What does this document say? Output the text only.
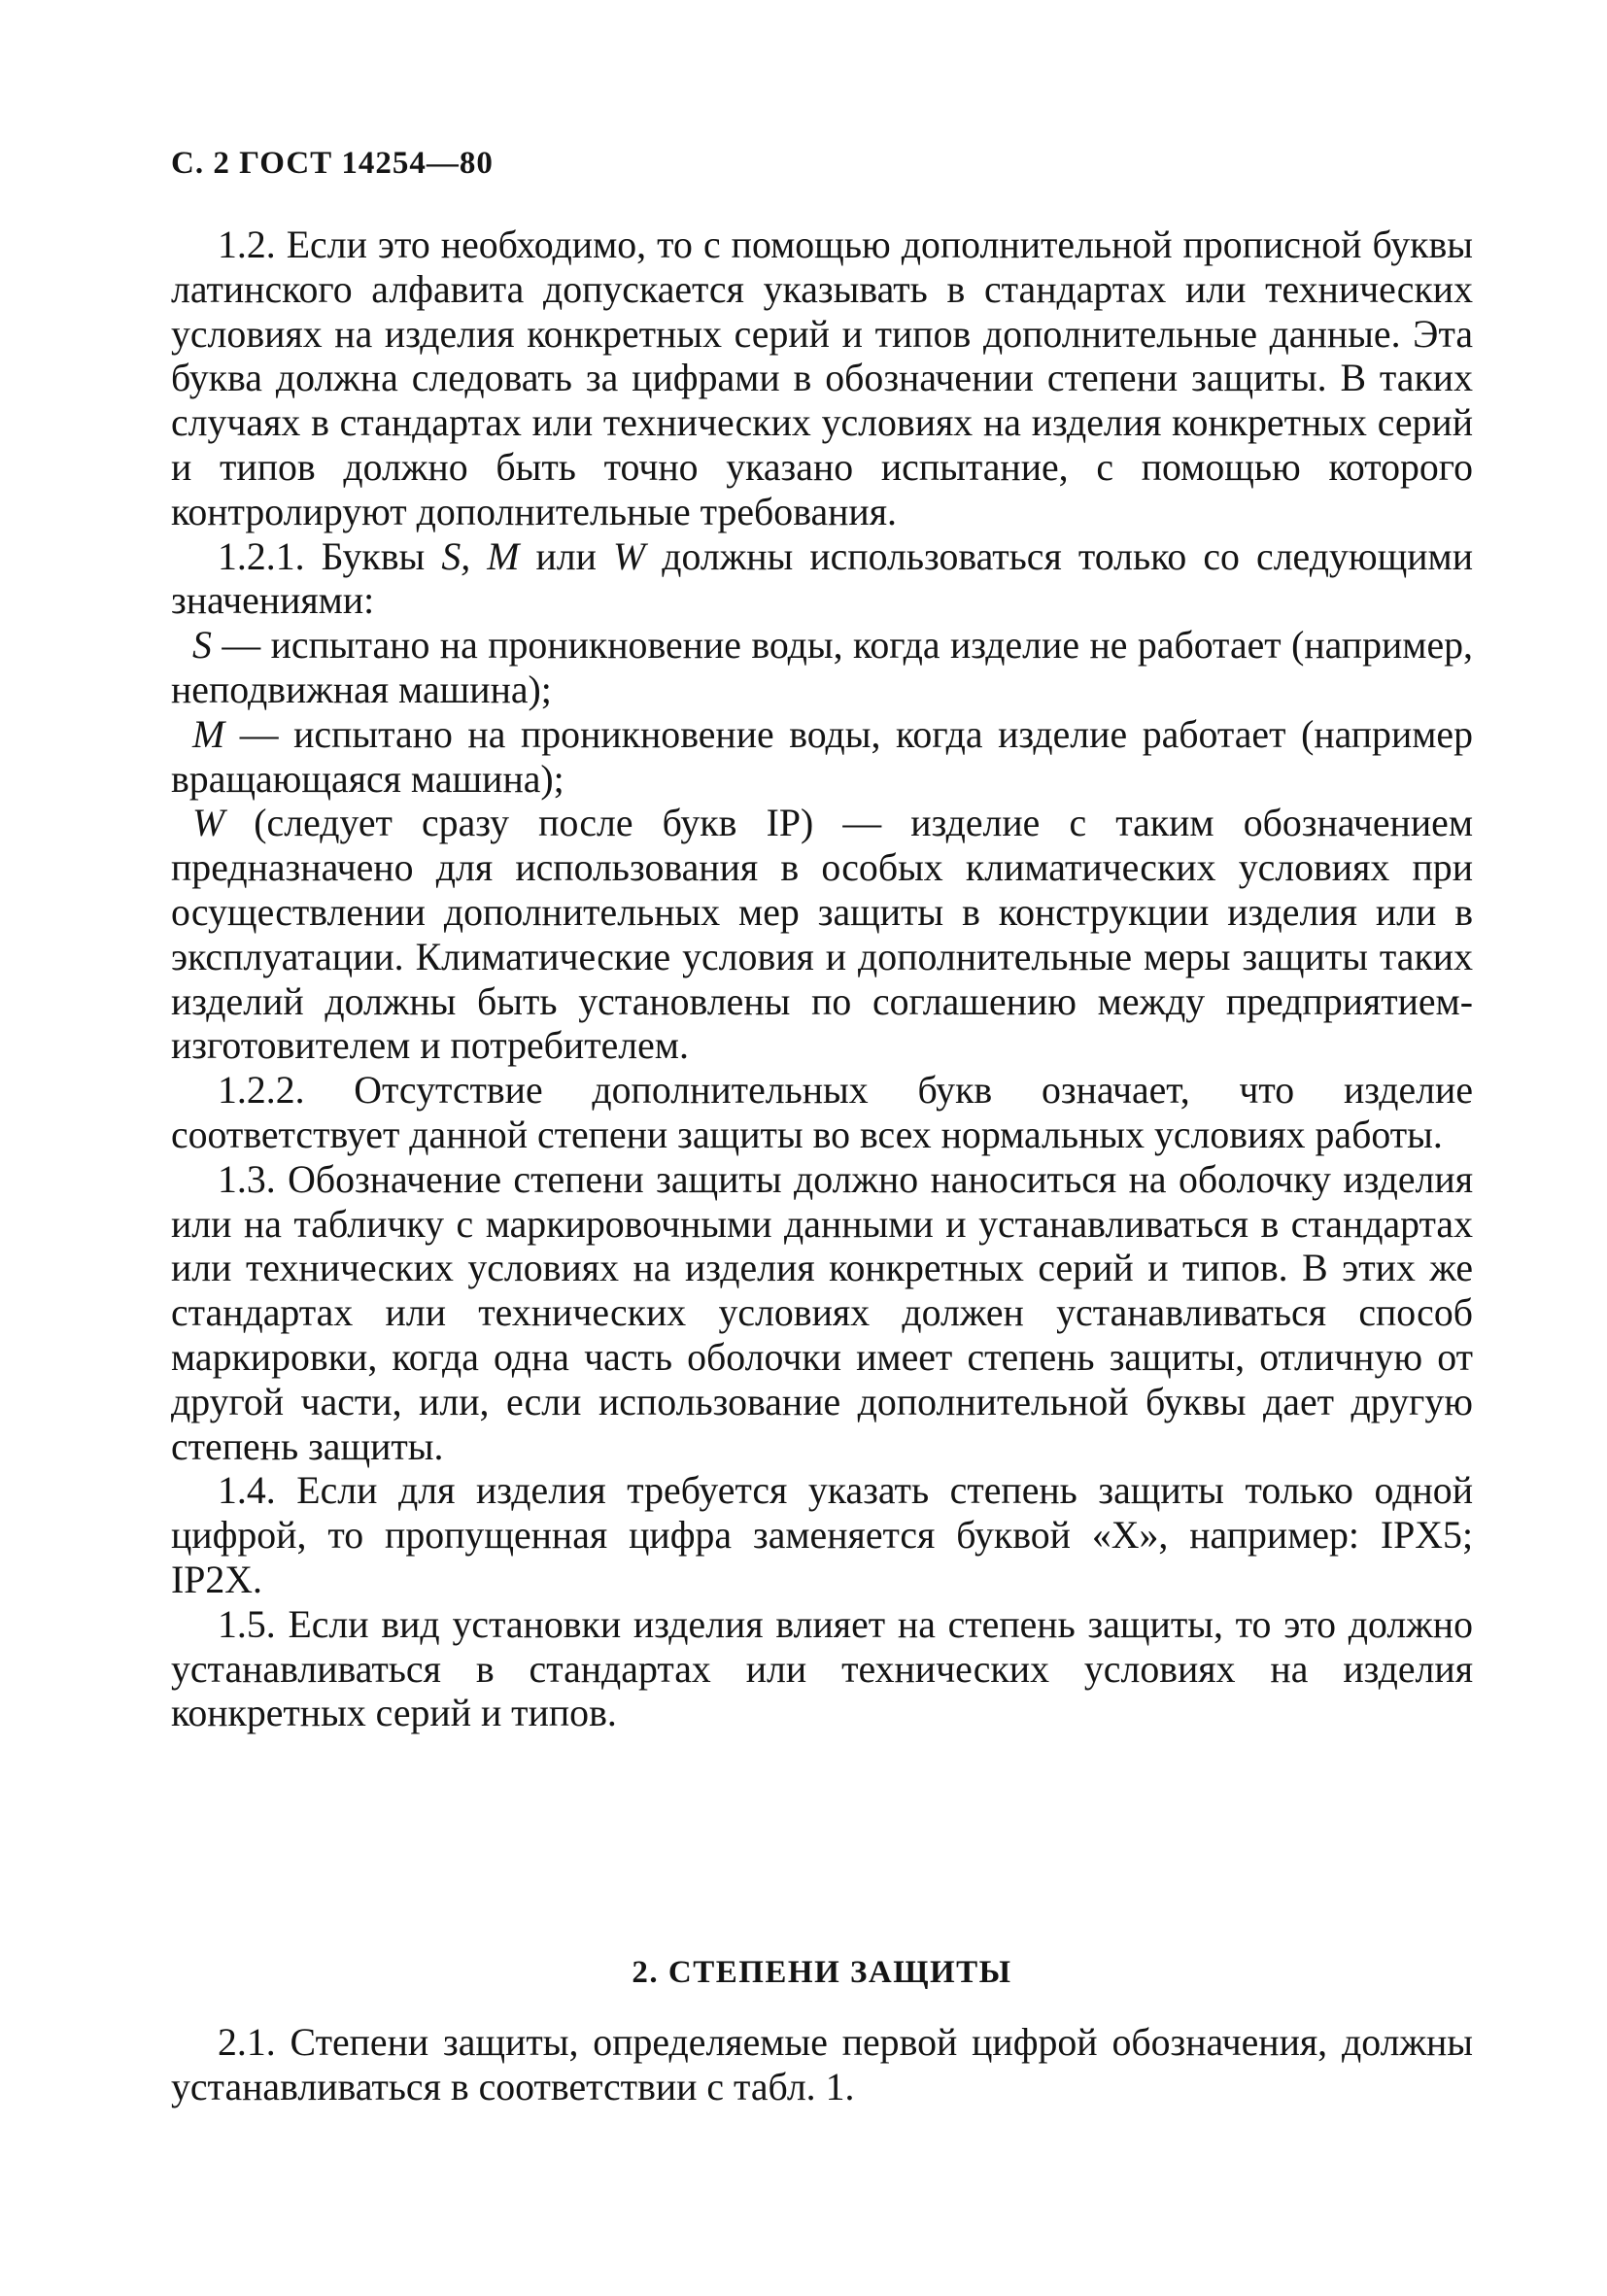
С. 2 ГОСТ 14254—80

1.2. Если это необходимо, то с помощью дополнительной прописной буквы латинского алфавита допускается указывать в стандартах или технических условиях на изделия конкретных серий и типов дополнительные данные. Эта буква должна следовать за цифрами в обозначении степени защиты. В таких случаях в стандартах или технических условиях на изделия конкретных серий и типов должно быть точно указано испытание, с помощью которого контролируют дополнительные требования.

1.2.1. Буквы S, M или W должны использоваться только со следующими значениями:

S — испытано на проникновение воды, когда изделие не работает (например, неподвижная машина);

M — испытано на проникновение воды, когда изделие работает (например вращающаяся машина);

W (следует сразу после букв IP) — изделие с таким обозначением предназначено для использования в особых климатических условиях при осуществлении дополнительных мер защиты в конструкции изделия или в эксплуатации. Климатические условия и дополнительные меры защиты таких изделий должны быть установлены по соглашению между предприятием-изготовителем и потребителем.

1.2.2. Отсутствие дополнительных букв означает, что изделие соответствует данной степени защиты во всех нормальных условиях работы.

1.3. Обозначение степени защиты должно наноситься на оболочку изделия или на табличку с маркировочными данными и устанавливаться в стандартах или технических условиях на изделия конкретных серий и типов. В этих же стандартах или технических условиях должен устанавливаться способ маркировки, когда одна часть оболочки имеет степень защиты, отличную от другой части, или, если использование дополнительной буквы дает другую степень защиты.

1.4. Если для изделия требуется указать степень защиты только одной цифрой, то пропущенная цифра заменяется буквой «X», например: IPX5; IP2X.

1.5. Если вид установки изделия влияет на степень защиты, то это должно устанавливаться в стандартах или технических условиях на изделия конкретных серий и типов.

2. СТЕПЕНИ ЗАЩИТЫ

2.1. Степени защиты, определяемые первой цифрой обозначения, должны устанавливаться в соответствии с табл. 1.
